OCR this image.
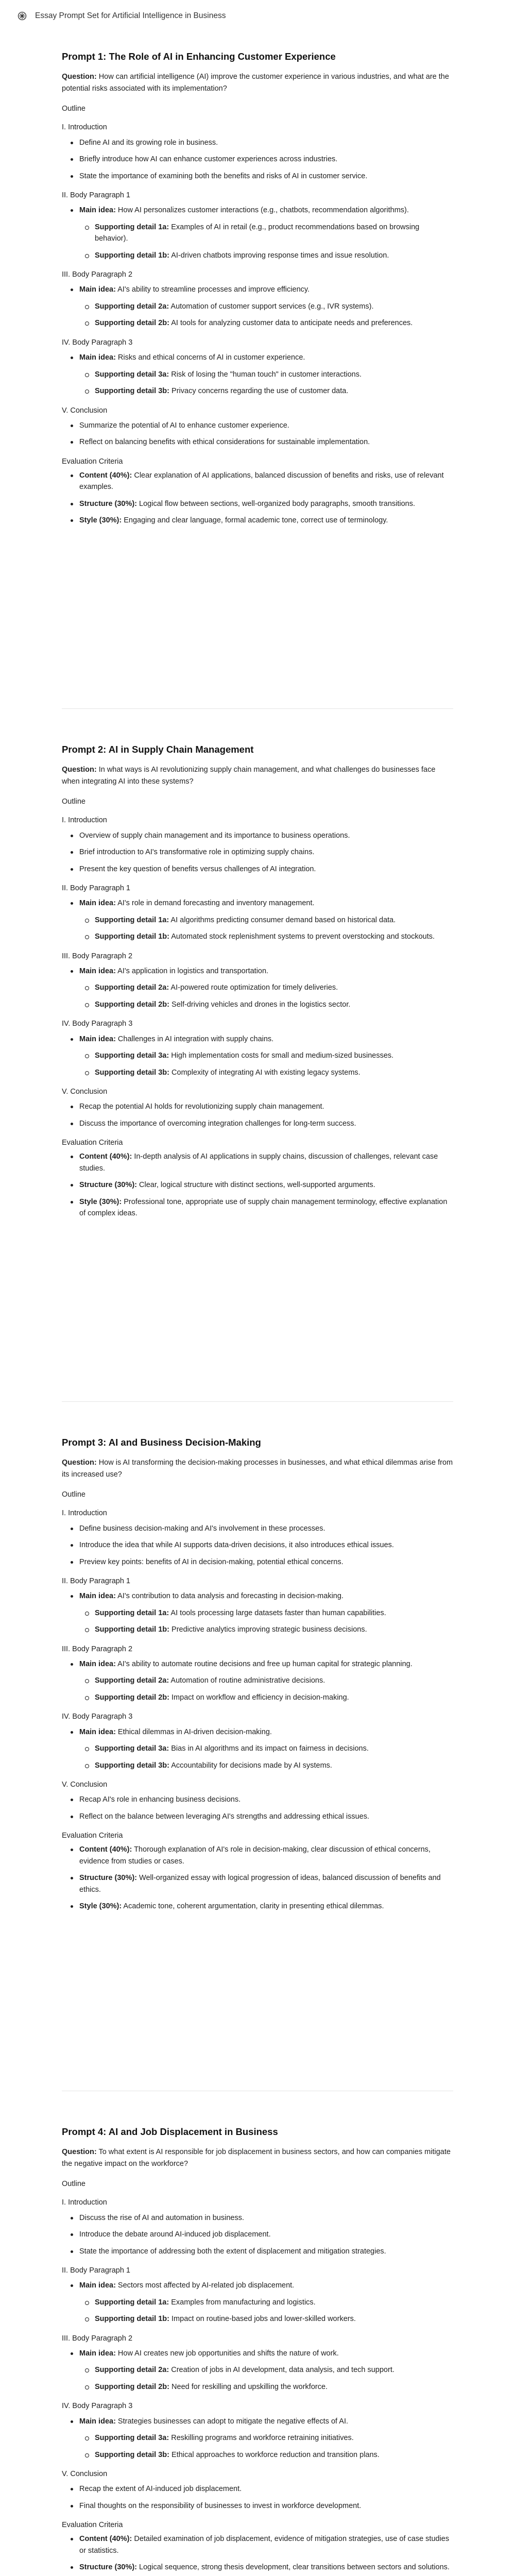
Essay Prompt Set for Artificial Intelligence in Business
Prompt 1: The Role of AI in Enhancing Customer Experience
Question: How can artificial intelligence (AI) improve the customer experience in various industries, and what are the potential risks associated with its implementation?
Outline
I. Introduction
Define AI and its growing role in business.
Briefly introduce how AI can enhance customer experiences across industries.
State the importance of examining both the benefits and risks of AI in customer service.
II. Body Paragraph 1
Main idea: How AI personalizes customer interactions (e.g., chatbots, recommendation algorithms).
Supporting detail 1a: Examples of AI in retail (e.g., product recommendations based on browsing behavior).
Supporting detail 1b: AI-driven chatbots improving response times and issue resolution.
III. Body Paragraph 2
Main idea: AI's ability to streamline processes and improve efficiency.
Supporting detail 2a: Automation of customer support services (e.g., IVR systems).
Supporting detail 2b: AI tools for analyzing customer data to anticipate needs and preferences.
IV. Body Paragraph 3
Main idea: Risks and ethical concerns of AI in customer experience.
Supporting detail 3a: Risk of losing the "human touch" in customer interactions.
Supporting detail 3b: Privacy concerns regarding the use of customer data.
V. Conclusion
Summarize the potential of AI to enhance customer experience.
Reflect on balancing benefits with ethical considerations for sustainable implementation.
Evaluation Criteria
Content (40%): Clear explanation of AI applications, balanced discussion of benefits and risks, use of relevant examples.
Structure (30%): Logical flow between sections, well-organized body paragraphs, smooth transitions.
Style (30%): Engaging and clear language, formal academic tone, correct use of terminology.
Prompt 2: AI in Supply Chain Management
Question: In what ways is AI revolutionizing supply chain management, and what challenges do businesses face when integrating AI into these systems?
Outline
I. Introduction
Overview of supply chain management and its importance to business operations.
Brief introduction to AI's transformative role in optimizing supply chains.
Present the key question of benefits versus challenges of AI integration.
II. Body Paragraph 1
Main idea: AI's role in demand forecasting and inventory management.
Supporting detail 1a: AI algorithms predicting consumer demand based on historical data.
Supporting detail 1b: Automated stock replenishment systems to prevent overstocking and stockouts.
III. Body Paragraph 2
Main idea: AI's application in logistics and transportation.
Supporting detail 2a: AI-powered route optimization for timely deliveries.
Supporting detail 2b: Self-driving vehicles and drones in the logistics sector.
IV. Body Paragraph 3
Main idea: Challenges in AI integration with supply chains.
Supporting detail 3a: High implementation costs for small and medium-sized businesses.
Supporting detail 3b: Complexity of integrating AI with existing legacy systems.
V. Conclusion
Recap the potential AI holds for revolutionizing supply chain management.
Discuss the importance of overcoming integration challenges for long-term success.
Evaluation Criteria
Content (40%): In-depth analysis of AI applications in supply chains, discussion of challenges, relevant case studies.
Structure (30%): Clear, logical structure with distinct sections, well-supported arguments.
Style (30%): Professional tone, appropriate use of supply chain management terminology, effective explanation of complex ideas.
Prompt 3: AI and Business Decision-Making
Question: How is AI transforming the decision-making processes in businesses, and what ethical dilemmas arise from its increased use?
Outline
I. Introduction
Define business decision-making and AI's involvement in these processes.
Introduce the idea that while AI supports data-driven decisions, it also introduces ethical issues.
Preview key points: benefits of AI in decision-making, potential ethical concerns.
II. Body Paragraph 1
Main idea: AI's contribution to data analysis and forecasting in decision-making.
Supporting detail 1a: AI tools processing large datasets faster than human capabilities.
Supporting detail 1b: Predictive analytics improving strategic business decisions.
III. Body Paragraph 2
Main idea: AI's ability to automate routine decisions and free up human capital for strategic planning.
Supporting detail 2a: Automation of routine administrative decisions.
Supporting detail 2b: Impact on workflow and efficiency in decision-making.
IV. Body Paragraph 3
Main idea: Ethical dilemmas in AI-driven decision-making.
Supporting detail 3a: Bias in AI algorithms and its impact on fairness in decisions.
Supporting detail 3b: Accountability for decisions made by AI systems.
V. Conclusion
Recap AI's role in enhancing business decisions.
Reflect on the balance between leveraging AI's strengths and addressing ethical issues.
Evaluation Criteria
Content (40%): Thorough explanation of AI's role in decision-making, clear discussion of ethical concerns, evidence from studies or cases.
Structure (30%): Well-organized essay with logical progression of ideas, balanced discussion of benefits and ethics.
Style (30%): Academic tone, coherent argumentation, clarity in presenting ethical dilemmas.
Prompt 4: AI and Job Displacement in Business
Question: To what extent is AI responsible for job displacement in business sectors, and how can companies mitigate the negative impact on the workforce?
Outline
I. Introduction
Discuss the rise of AI and automation in business.
Introduce the debate around AI-induced job displacement.
State the importance of addressing both the extent of displacement and mitigation strategies.
II. Body Paragraph 1
Main idea: Sectors most affected by AI-related job displacement.
Supporting detail 1a: Examples from manufacturing and logistics.
Supporting detail 1b: Impact on routine-based jobs and lower-skilled workers.
III. Body Paragraph 2
Main idea: How AI creates new job opportunities and shifts the nature of work.
Supporting detail 2a: Creation of jobs in AI development, data analysis, and tech support.
Supporting detail 2b: Need for reskilling and upskilling the workforce.
IV. Body Paragraph 3
Main idea: Strategies businesses can adopt to mitigate the negative effects of AI.
Supporting detail 3a: Reskilling programs and workforce retraining initiatives.
Supporting detail 3b: Ethical approaches to workforce reduction and transition plans.
V. Conclusion
Recap the extent of AI-induced job displacement.
Final thoughts on the responsibility of businesses to invest in workforce development.
Evaluation Criteria
Content (40%): Detailed examination of job displacement, evidence of mitigation strategies, use of case studies or statistics.
Structure (30%): Logical sequence, strong thesis development, clear transitions between sectors and solutions.
